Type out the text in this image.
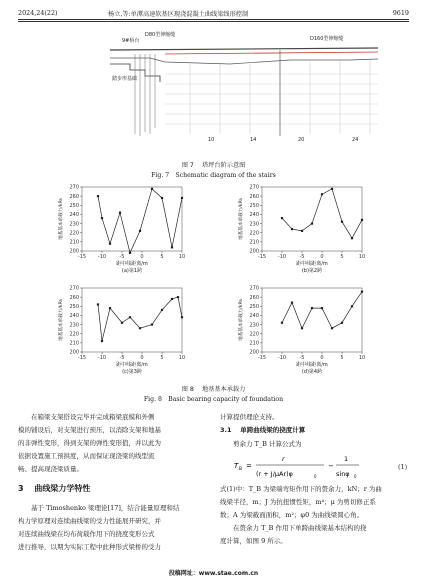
2024,24(22)	杨立,等:单潭高速软基区现浇混凝土曲线梁线形控制	9619
9#桥台
D80型伸缩缝
D160型伸缩缝
踏步形基础
10	14	20	24
图 7 　塔坪台阶示意图
Fig. 7　Schematic diagram of the stairs
200
210
220
230
240
250
260
270
-15 -10	-5	0	5	10
距中线距离/m
(a)第1跨
地基基本承载力/kPa
200
210
220
230
240
250
260
270
-15 -10	-5	0	5	10
距中线距离/m
(b)第2跨
地基基本承载力/kPa
200
210
220
230
240
250
260
270
-15 -10	-5	0	5	10
距中线距离/m
(c)第3跨
地基基本承载力/kPa
200
210
220
230
240
250
260
270
-15 -10	-5	0	5	10
距中线距离/m
(d)第4跨
地基基本承载力/kPa
图 8 　地基基本承载力
Fig. 8　Basic bearing capacity of foundation
　　在箱梁支架搭设完毕并完成箱梁底模和外侧
模的铺设后，对支架进行预压，以消除支架和地基
的非弹性变形，得到支架的弹性变形值，并以此为
依据设置施工预拱度，从而保证现浇梁的线型流
畅、提高现浇梁质量。
3 　曲线梁力学特性
　　基于 Timoshenko 梁理论[17]，结合能量原理和结
构力学原理对连续曲线梁的受力性能展开研究，并
对连续曲线梁在均布荷载作用下的挠度变形公式
进行推导，以期为实际工程中此种形式梁桥的受力
计算提供理论支持。
3.1 　单跨曲线梁的挠度计算
　　剪余力 T_B 计算公式为
T B =
r
(r + J/μAr)φ	0
−
1
sinφ 0
(1)
式(1)中：T_B 为梁端弯矩作用下的赘余力，kN；r 为曲
线梁半径，m；J 为抗扭惯性矩，m⁴；μ 为剪切修正系
数；A 为梁截面面积，m²；φ0 为曲线梁圆心角。
　　在赘余力 T_B 作用下单跨曲线梁基本结构的挠
度计算，如图 9 所示。
投稿网址：www.stae.com.cn
